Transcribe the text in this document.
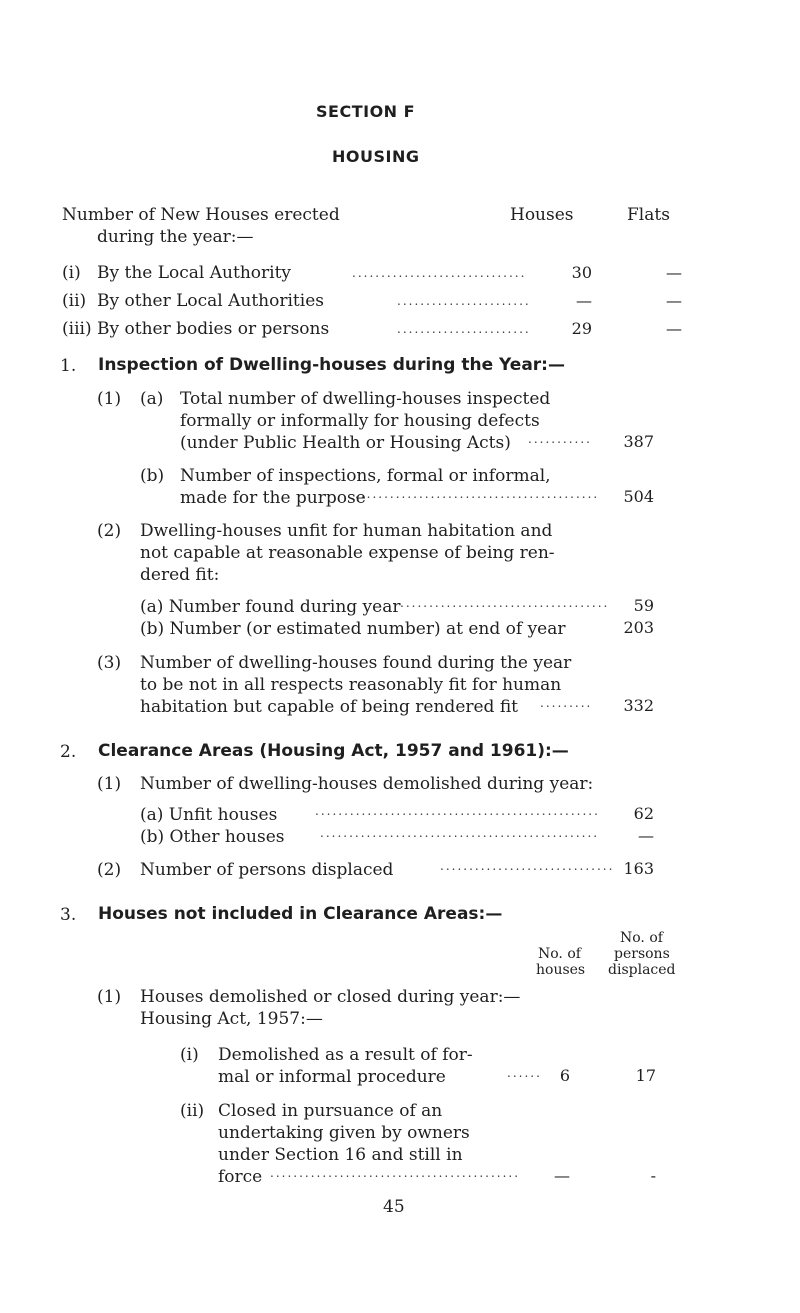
SECTION F
HOUSING
Number of New Houses erected
during the year:—
Houses	Flats
(i) By the Local Authority	..............................	30	—
(ii) By other Local Authorities	.......................	—	—
(iii) By other bodies or persons	.......................	29	—
1. Inspection of Dwelling-houses during the Year:—
(1) (a) Total number of dwelling-houses inspected
formally or informally for housing defects
(under Public Health or Housing Acts) ...........	387
(b) Number of inspections, formal or informal,
made for the purpose
..........................................	504
(2) Dwelling-houses unfit for human habitation and
not capable at reasonable expense of being ren-
dered fit:
(a) Number found during year ....................................	59
(b) Number (or estimated number) at end of year	203
(3) Number of dwelling-houses found during the year
to be not in all respects reasonably fit for human
habitation but capable of being rendered fit .........	332
2. Clearance Areas (Housing Act, 1957 and 1961):—
(1) Number of dwelling-houses demolished during year:
(a) Unfit houses	.................................................	62
(b) Other houses	................................................	—
(2) Number of persons displaced	.............................. 163
3. Houses not included in Clearance Areas:—
No. of
houses
No. of
persons
displaced
(1) Houses demolished or closed during year:—
Housing Act, 1957:—
(i) Demolished as a result of for-
mal or informal procedure	......	6	17
(ii) Closed in pursuance of an
undertaking given by owners
under Section 16 and still in
force ...........................................	—	-
45
